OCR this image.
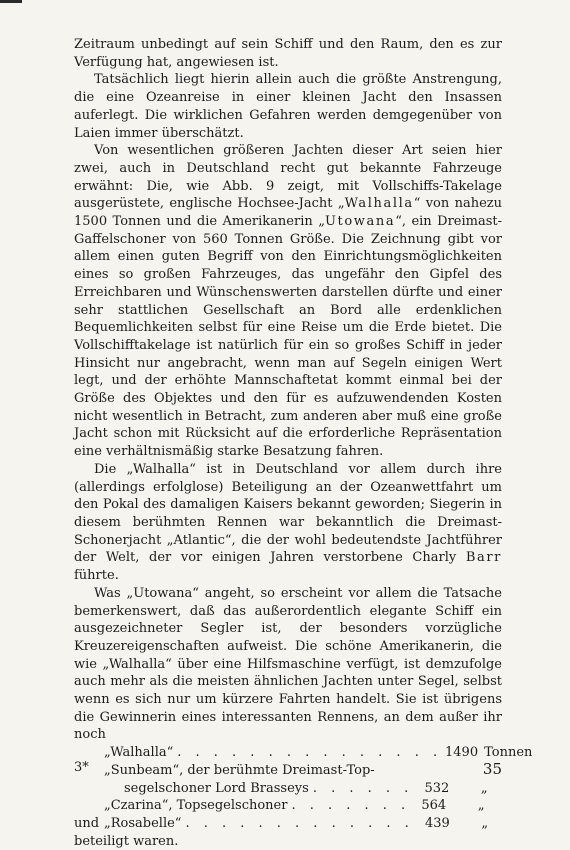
Zeitraum unbedingt auf sein Schiff und den Raum, den es zur Verfügung hat, angewiesen ist.

Tatsächlich liegt hierin allein auch die größte Anstrengung, die eine Ozeanreise in einer kleinen Jacht den Insassen auferlegt. Die wirklichen Gefahren werden demgegenüber von Laien immer überschätzt.

Von wesentlichen größeren Jachten dieser Art seien hier zwei, auch in Deutschland recht gut bekannte Fahrzeuge erwähnt: Die, wie Abb. 9 zeigt, mit Vollschiffs-Takelage ausgerüstete, englische Hochsee-Jacht „Walhalla“ von nahezu 1500 Tonnen und die Amerikanerin „Utowana“, ein Dreimast-Gaffelschoner von 560 Tonnen Größe. Die Zeichnung gibt vor allem einen guten Begriff von den Einrichtungsmöglichkeiten eines so großen Fahrzeuges, das ungefähr den Gipfel des Erreichbaren und Wünschenswerten darstellen dürfte und einer sehr stattlichen Gesellschaft an Bord alle erdenklichen Bequemlichkeiten selbst für eine Reise um die Erde bietet. Die Vollschifftakelage ist natürlich für ein so großes Schiff in jeder Hinsicht nur angebracht, wenn man auf Segeln einigen Wert legt, und der erhöhte Mannschaftetat kommt einmal bei der Größe des Objektes und den für es aufzuwendenden Kosten nicht wesentlich in Betracht, zum anderen aber muß eine große Jacht schon mit Rücksicht auf die erforderliche Repräsentation eine verhältnismäßig starke Besatzung fahren.

Die „Walhalla“ ist in Deutschland vor allem durch ihre (allerdings erfolglose) Beteiligung an der Ozeanwettfahrt um den Pokal des damaligen Kaisers bekannt geworden; Siegerin in diesem berühmten Rennen war bekanntlich die Dreimast-Schonerjacht „Atlantic“, die der wohl bedeutendste Jachtführer der Welt, der vor einigen Jahren verstorbene Charly Barr führte.

Was „Utowana“ angeht, so erscheint vor allem die Tatsache bemerkenswert, daß das außerordentlich elegante Schiff ein ausgezeichneter Segler ist, der besonders vorzügliche Kreuzereigenschaften aufweist. Die schöne Amerikanerin, die wie „Walhalla“ über eine Hilfsmaschine verfügt, ist demzufolge auch mehr als die meisten ähnlichen Jachten unter Segel, selbst wenn es sich nur um kürzere Fahrten handelt. Sie ist übrigens die Gewinnerin eines interessanten Rennens, an dem außer ihr noch

„Walhalla“ . . . . . . . . . . . . . . . 1490 Tonnen
„Sunbeam“, der berühmte Dreimast-Top-
segelschoner Lord Brasseys . . . . . . 532	„
„Czarina“, Topsegelschoner . . . . . . . 564	„
und „Rosabelle“ . . . . . . . . . . . . . 439	„

beteiligt waren.

3*	35
